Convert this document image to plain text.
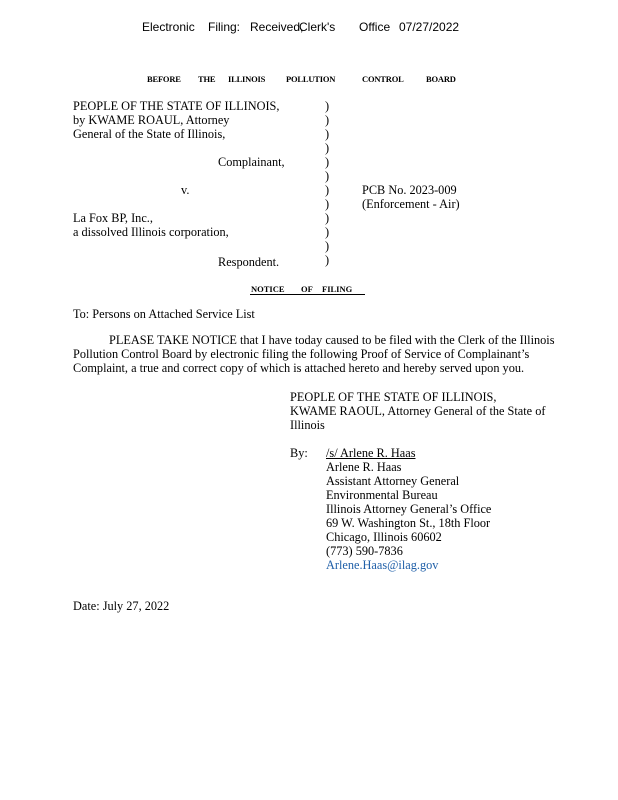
Electronic Filing: Received,
Clerk's Office 07/27/2022
BEFORE THE ILLINOIS POLLUTION	CONTROL	BOARD
PEOPLE OF THE STATE OF ILLINOIS,
by KWAME ROAUL, Attorney
General of the State of Illinois,
Complainant,
v.	PCB No. 2023-009
(Enforcement - Air)
La Fox BP, Inc.,
a dissolved Illinois corporation,
Respondent.
)
)
)
)
)
)
)
)
)
)
)
)
NOTICE OF FILING
To: Persons on Attached Service List
PLEASE TAKE NOTICE that I have today caused to be filed with the Clerk of the Illinois
Pollution Control Board by electronic filing the following Proof of Service of Complainant’s
Complaint, a true and correct copy of which is attached hereto and hereby served upon you.
PEOPLE OF THE STATE OF ILLINOIS,
KWAME RAOUL, Attorney General of the State of
Illinois
By: /s/ Arlene R. Haas
Arlene R. Haas
Assistant Attorney General
Environmental Bureau
Illinois Attorney General’s Office
69 W. Washington St., 18th Floor
Chicago, Illinois 60602
(773) 590-7836
Arlene.Haas@ilag.gov
Date: July 27, 2022
